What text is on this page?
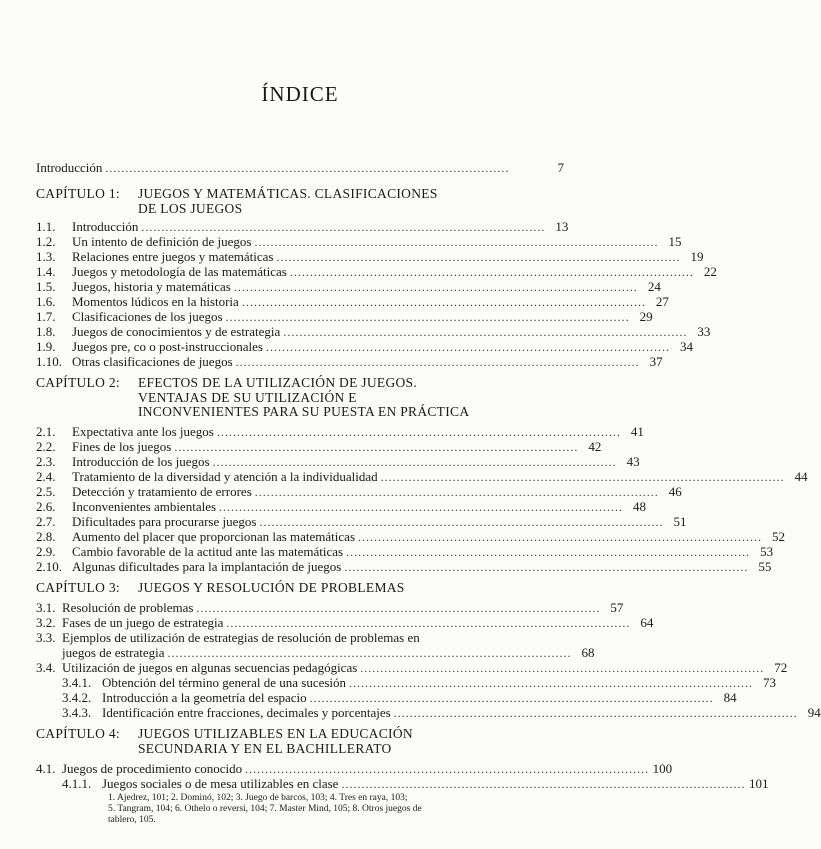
ÍNDICE
Introducción . . .	7
CAPÍTULO 1:	JUEGOS Y MATEMÁTICAS. CLASIFICACIONES
DE LOS JUEGOS
1.1.	Introducción . . .	13
1.2.	Un intento de definición de juegos . . .	15
1.3.	Relaciones entre juegos y matemáticas . . .	19
1.4.	Juegos y metodología de las matemáticas . . .	22
1.5.	Juegos, historia y matemáticas . . .	24
1.6.	Momentos lúdicos en la historia . . .	27
1.7.	Clasificaciones de los juegos . . .	29
1.8.	Juegos de conocimientos y de estrategia . . .	33
1.9.	Juegos pre, co o post-instruccionales . . .	34
1.10. Otras clasificaciones de juegos . . .	37
CAPÍTULO 2:	EFECTOS DE LA UTILIZACIÓN DE JUEGOS.
VENTAJAS DE SU UTILIZACIÓN E
INCONVENIENTES PARA SU PUESTA EN PRÁCTICA
2.1.	Expectativa ante los juegos . . .	41
2.2.	Fines de los juegos . . .	42
2.3.	Introducción de los juegos . . .	43
2.4.	Tratamiento de la diversidad y atención a la individualidad . . .	44
2.5.	Detección y tratamiento de errores . . .	46
2.6.	Inconvenientes ambientales . . .	48
2.7.	Dificultades para procurarse juegos . . .	51
2.8.	Aumento del placer que proporcionan las matemáticas . . .	52
2.9.	Cambio favorable de la actitud ante las matemáticas . . .	53
2.10. Algunas dificultades para la implantación de juegos . . .	55
CAPÍTULO 3:	JUEGOS Y RESOLUCIÓN DE PROBLEMAS
3.1. Resolución de problemas . . .	57
3.2. Fases de un juego de estrategia . . .	64
3.3. Ejemplos de utilización de estrategias de resolución de problemas en
juegos de estrategia . . .	68
3.4. Utilización de juegos en algunas secuencias pedagógicas . . .	72
3.4.1. Obtención del término general de una sucesión . . .	73
3.4.2. Introducción a la geometría del espacio . . .	84
3.4.3. Identificación entre fracciones, decimales y porcentajes . . .	94
CAPÍTULO 4:	JUEGOS UTILIZABLES EN LA EDUCACIÓN
SECUNDARIA Y EN EL BACHILLERATO
4.1. Juegos de procedimiento conocido . . .	100
4.1.1. Juegos sociales o de mesa utilizables en clase . . .	101
1. Ajedrez, 101; 2. Dominó, 102; 3. Juego de barcos, 103; 4. Tres en raya, 103;
5. Tangram, 104; 6. Othelo o reversi, 104; 7. Master Mind, 105; 8. Otros juegos de
tablero, 105.
